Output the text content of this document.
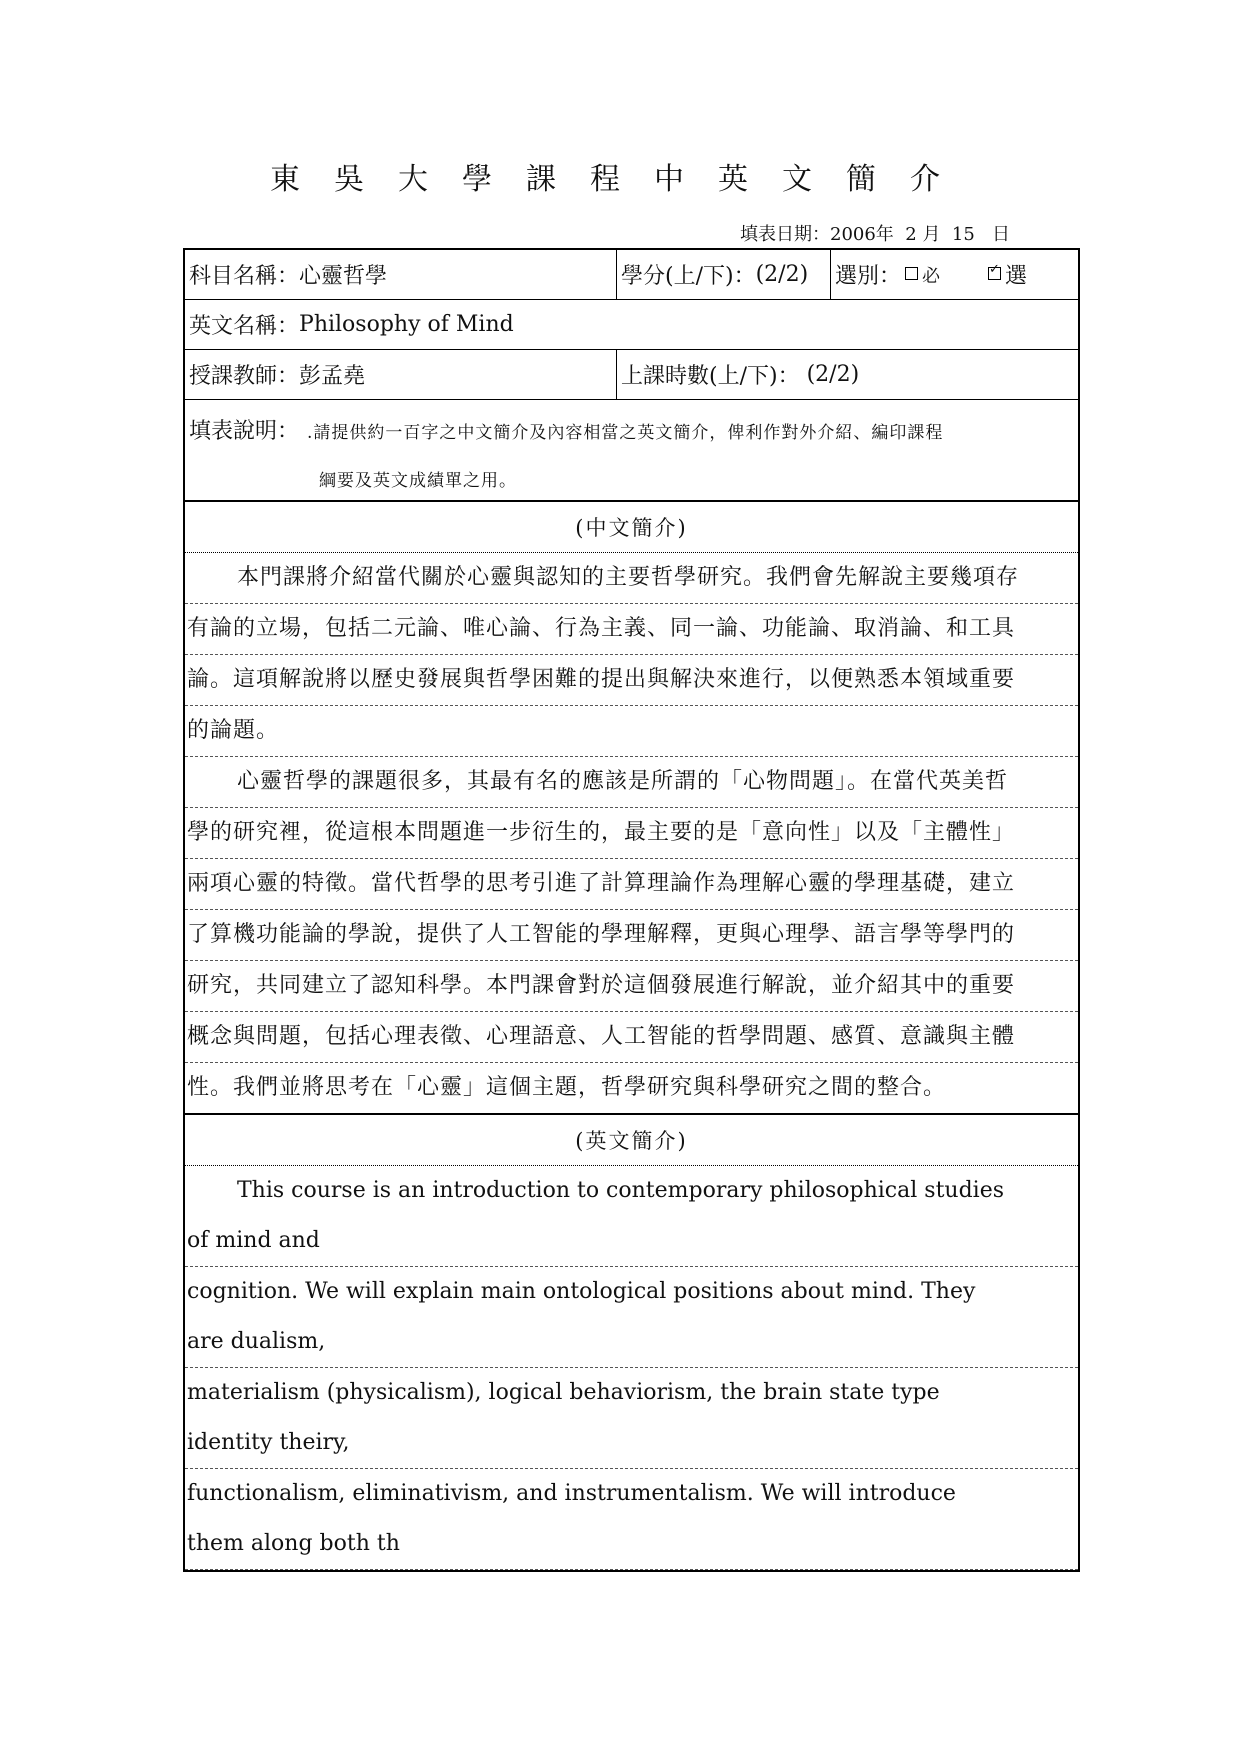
東吳大學課程中英文簡介
填表日期：2006年 2 月 15 日
科目名稱： 心靈哲學	學分(上/下)： (2/2) 選別： 必
✓	選
英文名稱： Philosophy of Mind
授課教師： 彭孟堯	上課時數(上/下)：
(2/2)
填表說明： .請提供約一百字之中文簡介及內容相當之英文簡介，俾利作對外介紹、編印課程
綱要及英文成績單之用。
(中文簡介)
本門課將介紹當代關於心靈與認知的主要哲學研究。我們會先解說主要幾項存
有論的立場，包括二元論、唯心論、行為主義、同一論、功能論、取消論、和工具
論。這項解說將以歷史發展與哲學困難的提出與解決來進行，以便熟悉本領域重要
的論題。
心靈哲學的課題很多，其最有名的應該是所謂的「心物問題」。在當代英美哲
學的研究裡，從這根本問題進一步衍生的，最主要的是「意向性」以及「主體性」
兩項心靈的特徵。當代哲學的思考引進了計算理論作為理解心靈的學理基礎，建立
了算機功能論的學說，提供了人工智能的學理解釋，更與心理學、語言學等學門的
研究，共同建立了認知科學。本門課會對於這個發展進行解說，並介紹其中的重要
概念與問題，包括心理表徵、心理語意、人工智能的哲學問題、感質、意識與主體
性。我們並將思考在「心靈」這個主題，哲學研究與科學研究之間的整合。
(英文簡介)
This course is an introduction to contemporary philosophical studies
of mind and
cognition. We will explain main ontological positions about mind. They
are dualism,
materialism (physicalism), logical behaviorism, the brain state type
identity theiry,
functionalism, eliminativism, and instrumentalism. We will introduce
them along both th
